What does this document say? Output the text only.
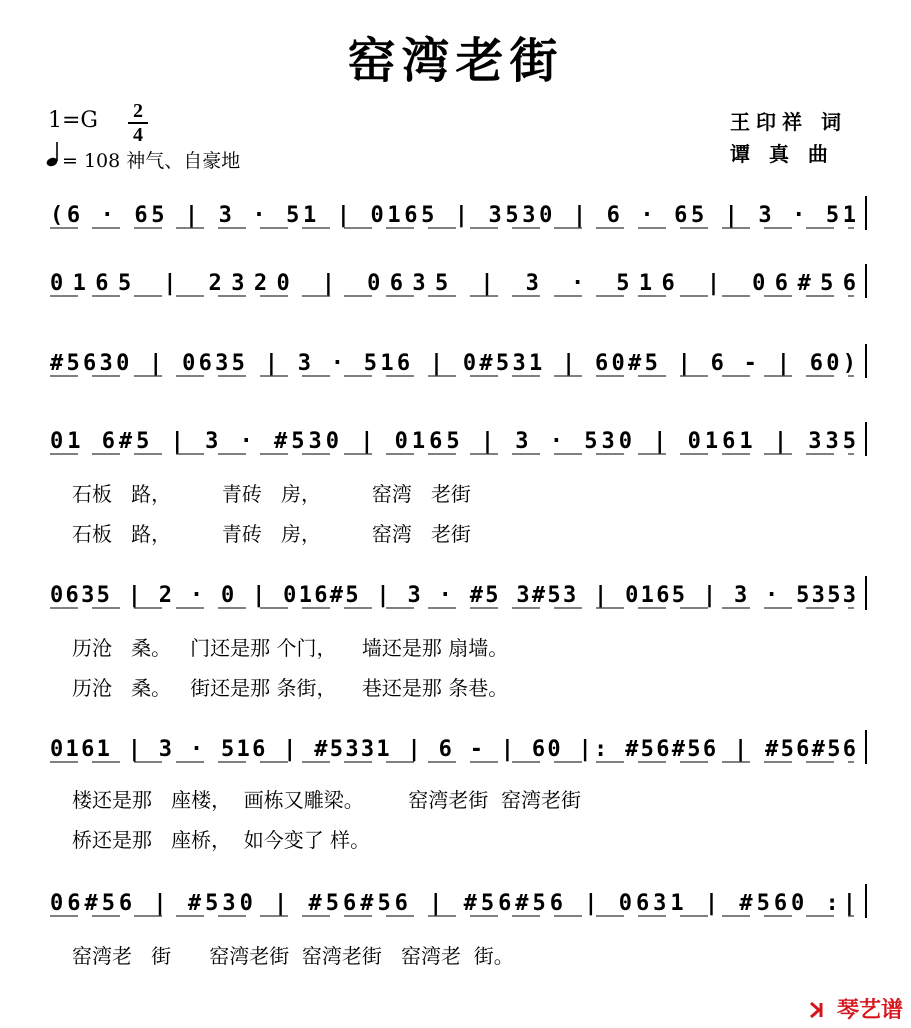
窑湾老街
1=G 2
4
= 108 神气、自豪地
王印祥 词
谭 真 曲
(6 · 65 | 3 · 51 | 0165 | 3530 | 6 · 65 | 3 · 51
0165 | 2320 | 0635 | 3 · 516 | 06#56
#5630 | 0635 | 3 · 516 | 0#531 | 60#5 | 6 - | 60)
01 6#5 | 3 · #530 | 0165 | 3 · 530 | 0161 | 335
0635 | 2 · 0 | 016#5 | 3 · #5 3#53 | 0165 | 3 · 5353
0161 | 3 · 516 | #5331 | 6 - | 60 |: #56#56 | #56#56
06#56 | #530 | #56#56 | #56#56 | 0631 | #560 :|
石板   路，        青砖   房，        窑湾   老街
石板   路，        青砖   房，        窑湾   老街
历沧   桑。   门还是那 个门，    墙还是那 扇墙。
历沧   桑。   街还是那 条街，    巷还是那 条巷。
楼还是那   座楼，  画栋又雕梁。       窑湾老街  窑湾老街
桥还是那   座桥，  如今变了 样。
窑湾老   街      窑湾老街  窑湾老街   窑湾老  街。
琴艺谱
